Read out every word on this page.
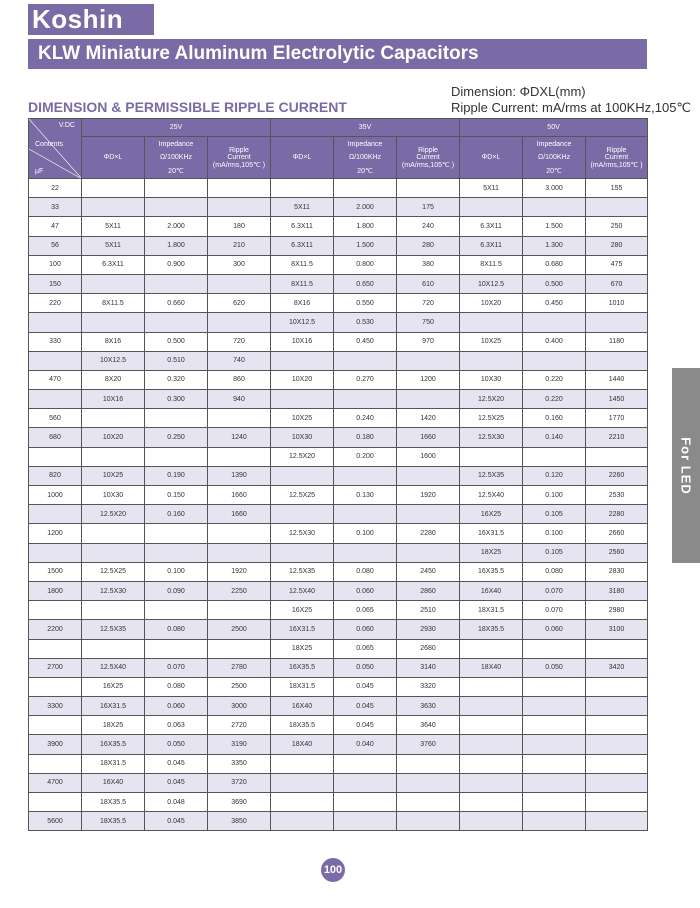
Koshin
KLW Miniature Aluminum Electrolytic Capacitors
Dimension: ΦDXL(mm)
Ripple Current: mA/rms at 100KHz,105℃
DIMENSION & PERMISSIBLE RIPPLE CURRENT
For LED
V.DC
Contents
μF	25V			35V			50V		
	ΦD×L	Impedance
Ω/100KHz
20℃	Ripple
Current
(mA/rms,105℃ )	ΦD×L	Impedance
Ω/100KHz
20℃	Ripple
Current
(mA/rms,105℃ )	ΦD×L	Impedance
Ω/100KHz
20℃	Ripple
Current
(mA/rms,105℃ )

22							5X11	3.000	155
33				5X11	2.000	175			
47	5X11	2.000	180	6.3X11	1.800	240	6.3X11	1.500	250
56	5X11	1.800	210	6.3X11	1.500	280	6.3X11	1.300	280
100	6.3X11	0.900	300	8X11.5	0.800	380	8X11.5	0.680	475
150				8X11.5	0.650	610	10X12.5	0.500	670
220	8X11.5	0.660	620	8X16	0.550	720	10X20	0.450	1010
				10X12.5	0.530	750			
330	8X16	0.500	720	10X16	0.450	970	10X25	0.400	1180
	10X12.5	0.510	740						
470	8X20	0.320	860	10X20	0.270	1200	10X30	0.220	1440
	10X16	0.300	940				12.5X20	0.220	1450
560				10X25	0.240	1420	12.5X25	0.160	1770
680	10X20	0.250	1240	10X30	0.180	1660	12.5X30	0.140	2210
				12.5X20	0.200	1600			
820	10X25	0.190	1390				12.5X35	0.120	2260
1000	10X30	0.150	1660	12.5X25	0.130	1920	12.5X40	0.100	2530
	12.5X20	0.160	1660				16X25	0.105	2280
1200				12.5X30	0.100	2280	16X31.5	0.100	2660
							18X25	0.105	2560
1500	12.5X25	0.100	1920	12.5X35	0.080	2450	16X35.5	0.080	2830
1800	12.5X30	0.090	2250	12.5X40	0.060	2860	16X40	0.070	3180
				16X25	0.065	2510	18X31.5	0.070	2980
2200	12.5X35	0.080	2500	16X31.5	0.060	2930	18X35.5	0.060	3100
				18X25	0.065	2680			
2700	12.5X40	0.070	2780	16X35.5	0.050	3140	18X40	0.050	3420
	16X25	0.080	2500	18X31.5	0.045	3320			
3300	16X31.5	0.060	3000	16X40	0.045	3630			
	18X25	0.063	2720	18X35.5	0.045	3640			
3900	16X35.5	0.050	3190	18X40	0.040	3760			
	18X31.5	0.045	3350						
4700	16X40	0.045	3720						
	18X35.5	0.048	3690						
5600	18X35.5	0.045	3850						
100
